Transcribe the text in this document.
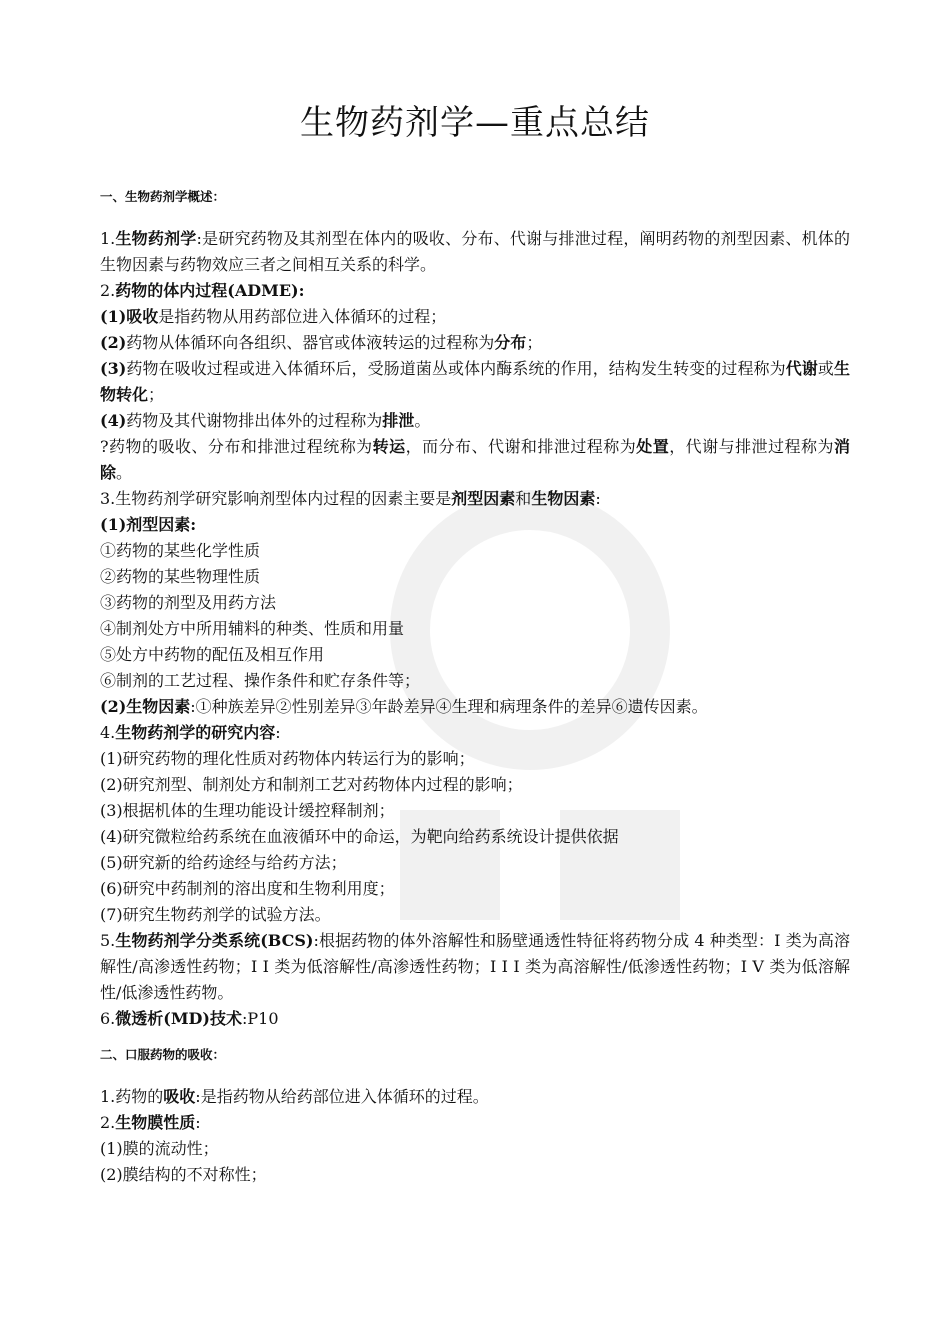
生物药剂学—重点总结
一、生物药剂学概述：

1.生物药剂学:是研究药物及其剂型在体内的吸收、分布、代谢与排泄过程，阐明药物的剂型因素、机体的生物因素与药物效应三者之间相互关系的科学。

2.药物的体内过程(ADME):

(1)吸收是指药物从用药部位进入体循环的过程；

(2)药物从体循环向各组织、器官或体液转运的过程称为分布；

(3)药物在吸收过程或进入体循环后，受肠道菌丛或体内酶系统的作用，结构发生转变的过程称为代谢或生物转化；

(4)药物及其代谢物排出体外的过程称为排泄。

?药物的吸收、分布和排泄过程统称为转运，而分布、代谢和排泄过程称为处置，代谢与排泄过程称为消除。

3.生物药剂学研究影响剂型体内过程的因素主要是剂型因素和生物因素:

(1)剂型因素:

①药物的某些化学性质

②药物的某些物理性质

③药物的剂型及用药方法

④制剂处方中所用辅料的种类、性质和用量

⑤处方中药物的配伍及相互作用

⑥制剂的工艺过程、操作条件和贮存条件等；

(2)生物因素:①种族差异②性别差异③年龄差异④生理和病理条件的差异⑥遗传因素。

4.生物药剂学的研究内容:

(1)研究药物的理化性质对药物体内转运行为的影响；

(2)研究剂型、制剂处方和制剂工艺对药物体内过程的影响；

(3)根据机体的生理功能设计缓控释制剂；

(4)研究微粒给药系统在血液循环中的命运，为靶向给药系统设计提供依据

(5)研究新的给药途经与给药方法；

(6)研究中药制剂的溶出度和生物利用度；

(7)研究生物药剂学的试验方法。

5.生物药剂学分类系统(BCS):根据药物的体外溶解性和肠壁通透性特征将药物分成 4 种类型：Ⅰ 类为高溶解性/高渗透性药物；Ⅰ Ⅰ 类为低溶解性/高渗透性药物；Ⅰ Ⅰ Ⅰ 类为高溶解性/低渗透性药物；Ⅰ Ⅴ 类为低溶解性/低渗透性药物。

6.微透析(MD)技术:P10

二、口服药物的吸收：

1.药物的吸收:是指药物从给药部位进入体循环的过程。

2.生物膜性质:

(1)膜的流动性；

(2)膜结构的不对称性；
